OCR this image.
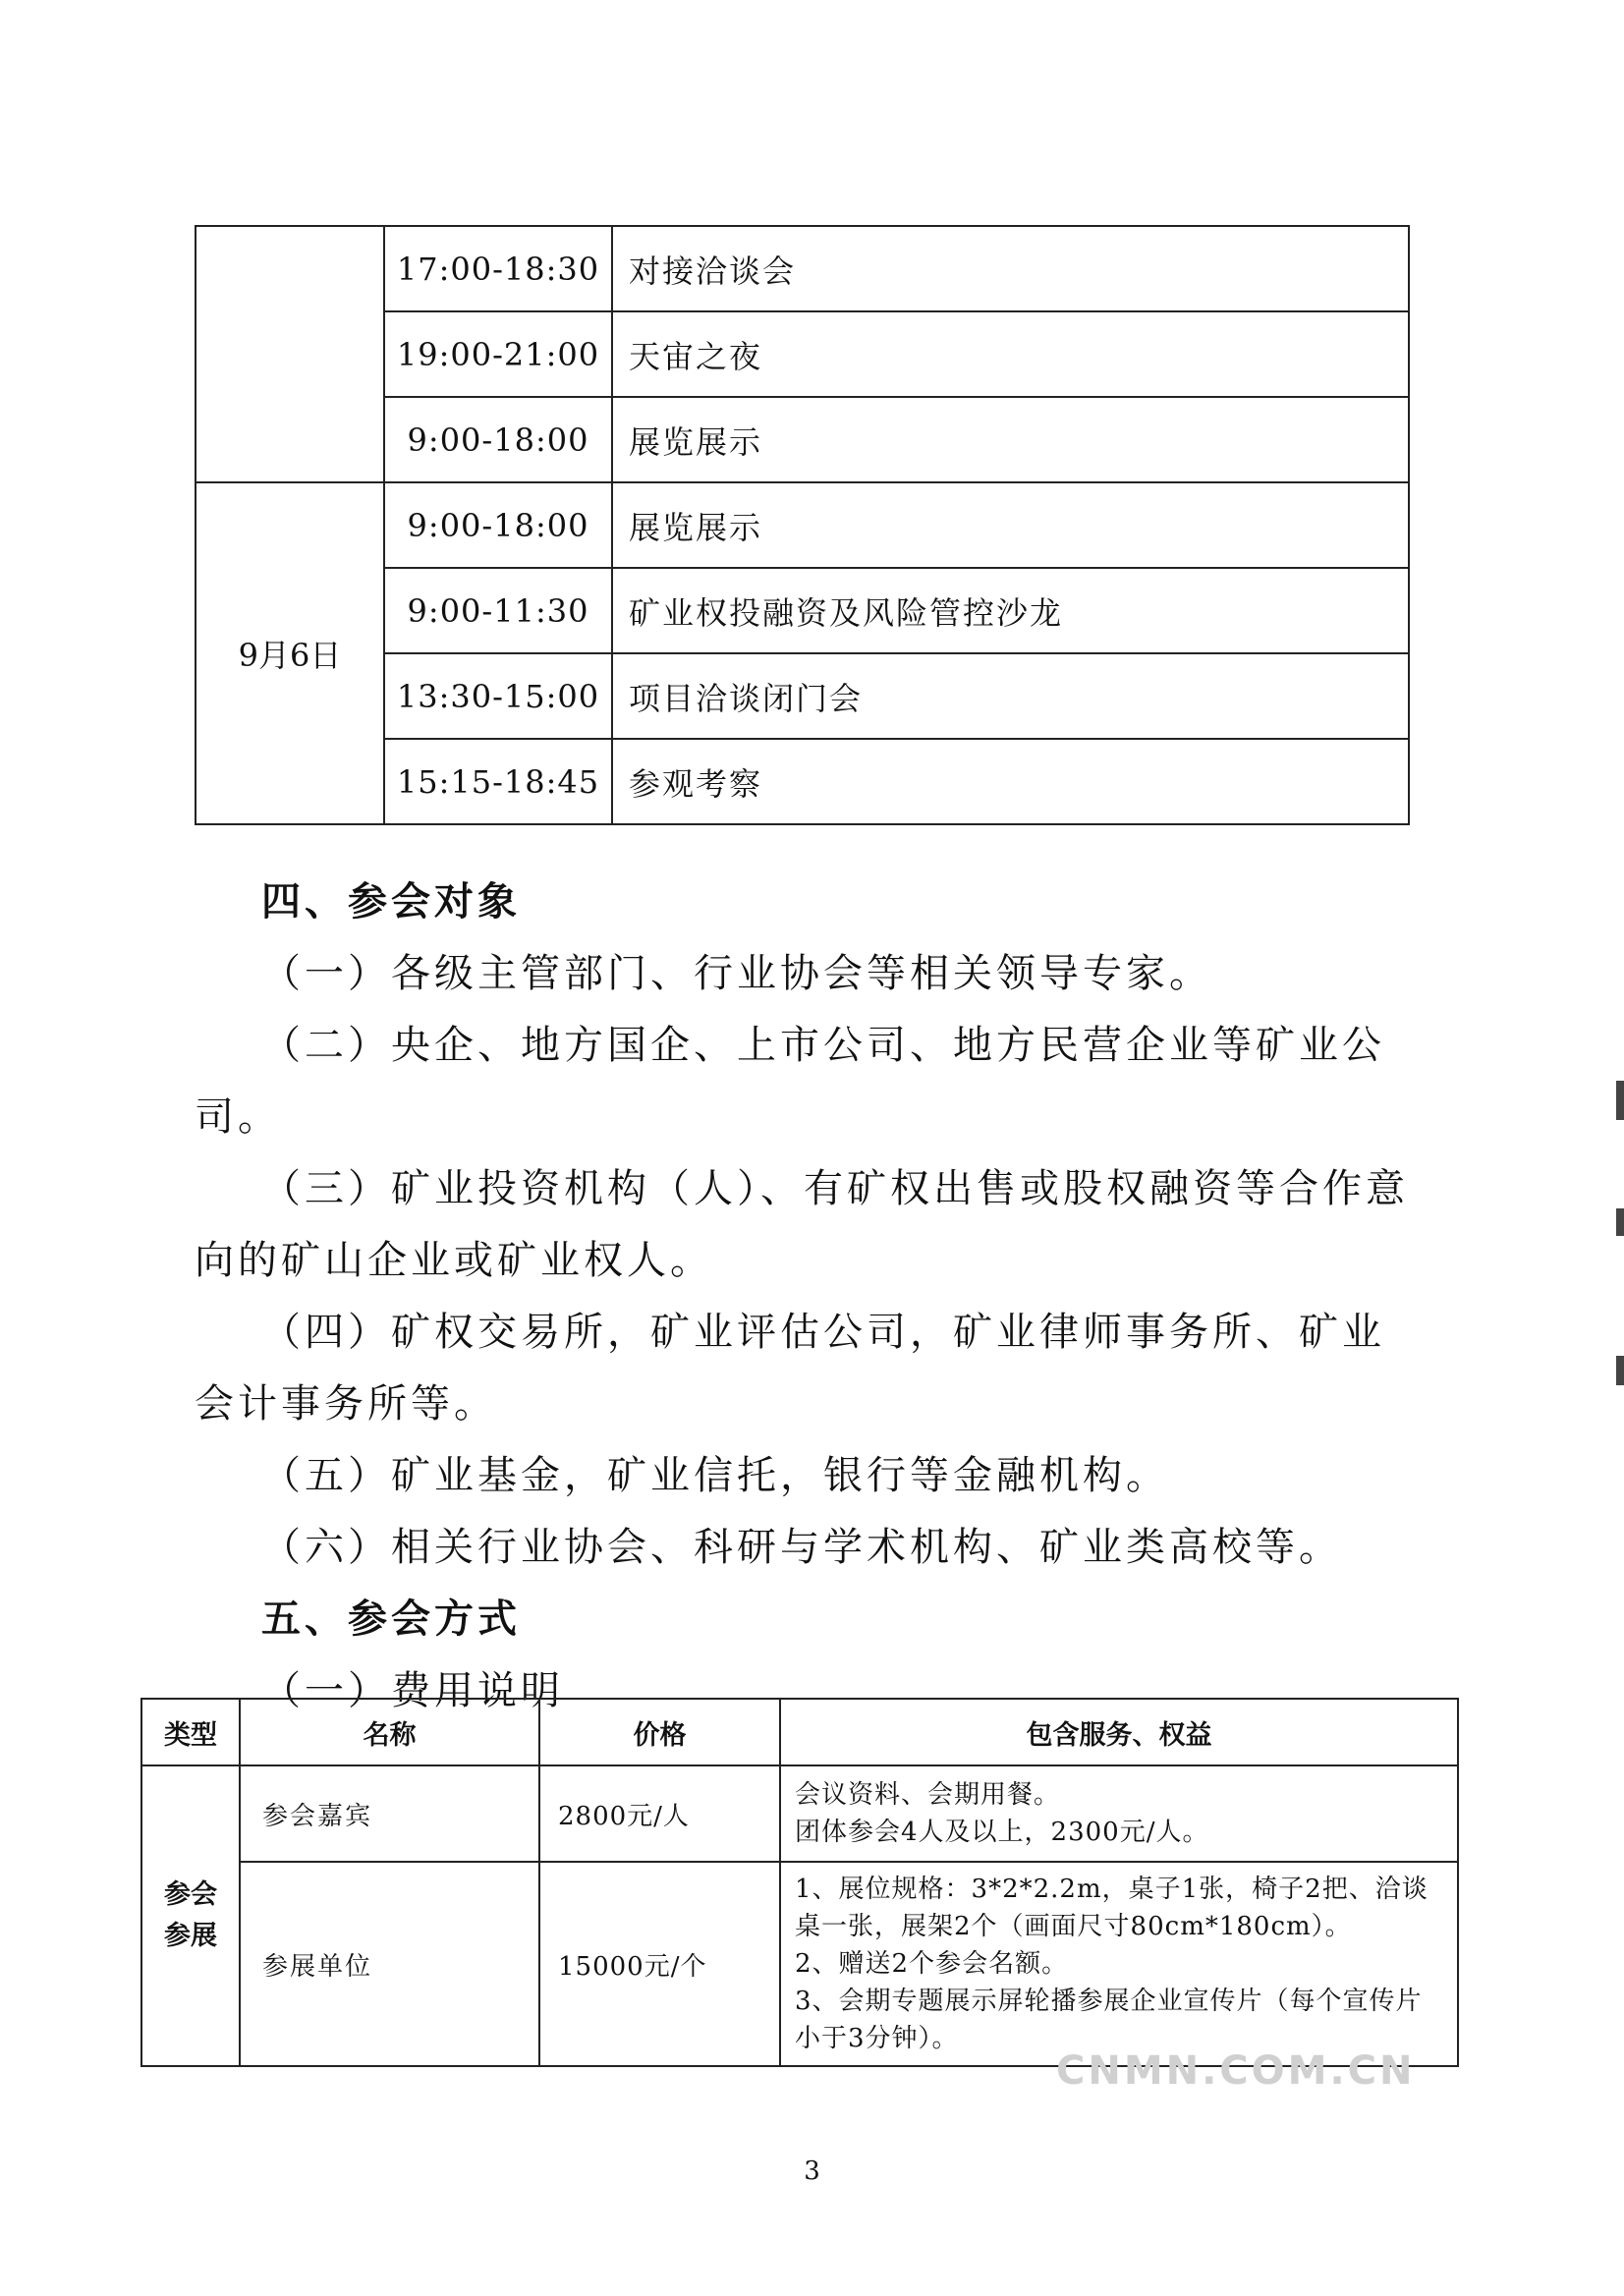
	17:00-18:30	对接洽谈会
	19:00-21:00	天宙之夜
	9:00-18:00	展览展示
9月6日	9:00-18:00	展览展示
	9:00-11:30	矿业权投融资及风险管控沙龙
	13:30-15:00	项目洽谈闭门会
	15:15-18:45	参观考察

四、参会对象

（一）各级主管部门、行业协会等相关领导专家。

（二）央企、地方国企、上市公司、地方民营企业等矿业公司。

（三）矿业投资机构（人）、有矿权出售或股权融资等合作意向的矿山企业或矿业权人。

（四）矿权交易所，矿业评估公司，矿业律师事务所、矿业会计事务所等。

（五）矿业基金，矿业信托，银行等金融机构。

（六）相关行业协会、科研与学术机构、矿业类高校等。

五、参会方式

（一）费用说明

类型	名称	价格	包含服务、权益

参会
参展	参会嘉宾	2800元/人	会议资料、会期用餐。
团体参会4人及以上，2300元/人。

	参展单位	15000元/个	1、展位规格：3*2*2.2m，桌子1张，椅子2把、洽谈桌一张，展架2个（画面尺寸80cm*180cm）。
2、赠送2个参会名额。
3、会期专题展示屏轮播参展企业宣传片（每个宣传片小于3分钟）。
CNMN.COM.CN
3
